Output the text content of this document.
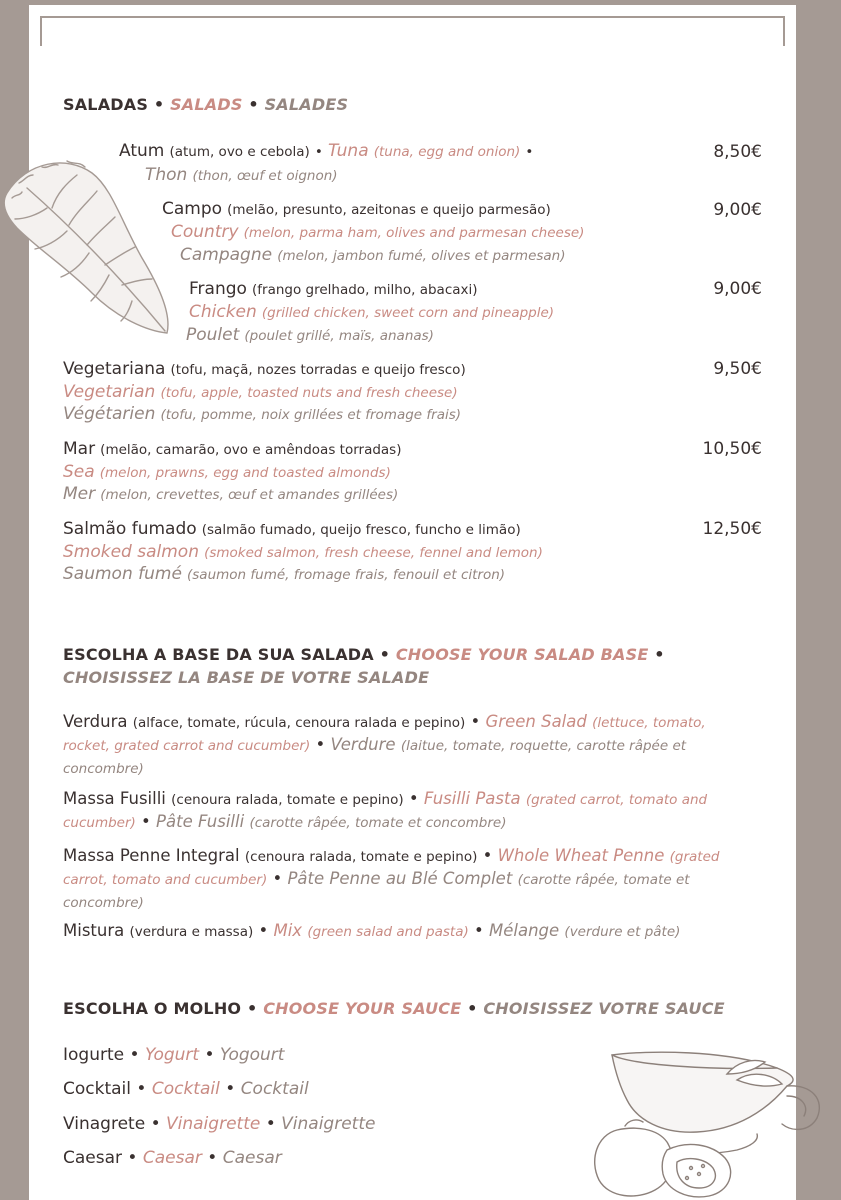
SALADAS • SALADS • SALADES
Atum (atum, ovo e cebola) • Tuna (tuna, egg and onion) •
Thon (thon, œuf et oignon)
8,50€
Campo (melão, presunto, azeitonas e queijo parmesão)
Country (melon, parma ham, olives and parmesan cheese)
Campagne (melon, jambon fumé, olives et parmesan)
9,00€
Frango (frango grelhado, milho, abacaxi)
Chicken (grilled chicken, sweet corn and pineapple)
Poulet (poulet grillé, maïs, ananas)
9,00€
Vegetariana (tofu, maçã, nozes torradas e queijo fresco)
Vegetarian (tofu, apple, toasted nuts and fresh cheese)
Végétarien (tofu, pomme, noix grillées et fromage frais)
9,50€
Mar (melão, camarão, ovo e amêndoas torradas)
Sea (melon, prawns, egg and toasted almonds)
Mer (melon, crevettes, œuf et amandes grillées)
10,50€
Salmão fumado (salmão fumado, queijo fresco, funcho e limão)
Smoked salmon (smoked salmon, fresh cheese, fennel and lemon)
Saumon fumé (saumon fumé, fromage frais, fenouil et citron)
12,50€
ESCOLHA A BASE DA SUA SALADA • CHOOSE YOUR SALAD BASE •
CHOISISSEZ LA BASE DE VOTRE SALADE
Verdura (alface, tomate, rúcula, cenoura ralada e pepino) • Green Salad (lettuce, tomato, rocket, grated carrot and cucumber) • Verdure (laitue, tomate, roquette, carotte râpée et concombre)
Massa Fusilli (cenoura ralada, tomate e pepino) • Fusilli Pasta (grated carrot, tomato and cucumber) • Pâte Fusilli (carotte râpée, tomate et concombre)
Massa Penne Integral (cenoura ralada, tomate e pepino) • Whole Wheat Penne (grated carrot, tomato and cucumber) • Pâte Penne au Blé Complet (carotte râpée, tomate et concombre)
Mistura (verdura e massa) • Mix (green salad and pasta) • Mélange (verdure et pâte)
ESCOLHA O MOLHO • CHOOSE YOUR SAUCE • CHOISISSEZ VOTRE SAUCE
Iogurte • Yogurt • Yogourt
Cocktail • Cocktail • Cocktail
Vinagrete • Vinaigrette • Vinaigrette
Caesar • Caesar • Caesar
